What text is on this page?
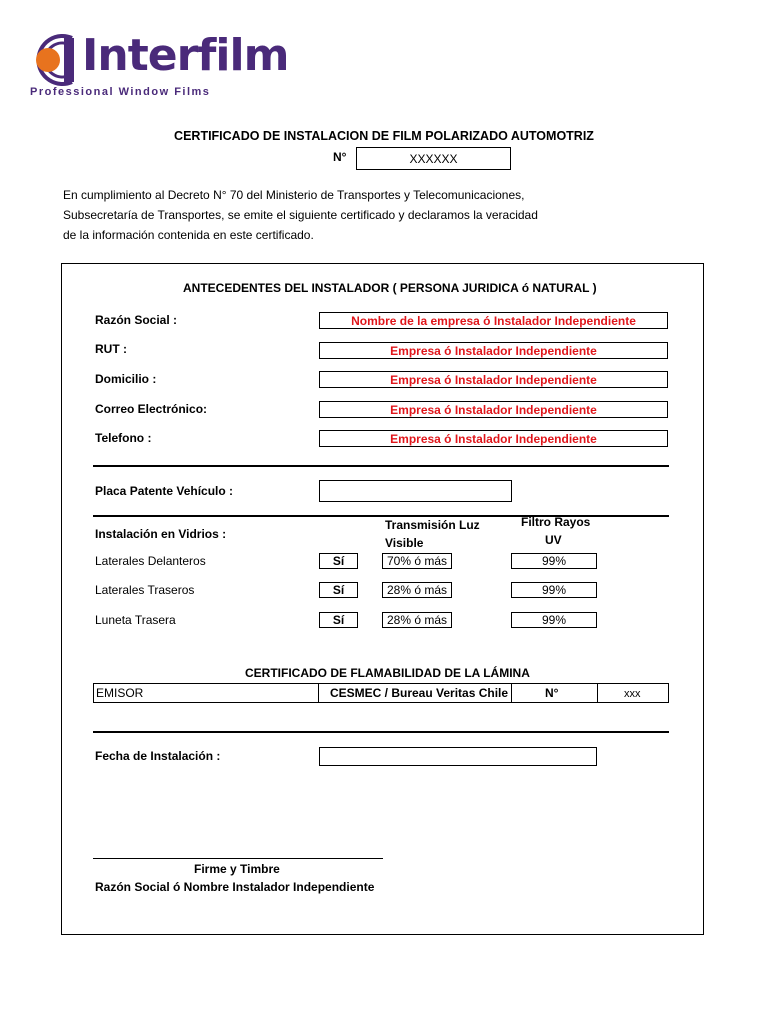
Interfilm
Professional Window Films
CERTIFICADO DE INSTALACION DE FILM POLARIZADO AUTOMOTRIZ
N°	XXXXXX
En cumplimiento al Decreto N° 70 del Ministerio de Transportes y Telecomunicaciones,
Subsecretaría de Transportes, se emite el siguiente certificado y declaramos la veracidad
de la información contenida en este certificado.
ANTECEDENTES DEL INSTALADOR ( PERSONA JURIDICA ó NATURAL )
Razón Social :	Nombre de la empresa ó Instalador Independiente
RUT :	Empresa ó Instalador Independiente
Domicilio :	Empresa ó Instalador Independiente
Correo Electrónico:	Empresa ó Instalador Independiente
Telefono :	Empresa ó Instalador Independiente
Placa Patente Vehículo :
Instalación en Vidrios :
Transmisión Luz
Visible
Filtro Rayos
UV
Laterales Delanteros	Sí	70% ó más	99%
Laterales Traseros	Sí	28% ó más	99%
Luneta Trasera	Sí	28% ó más	99%
CERTIFICADO DE FLAMABILIDAD DE LA LÁMINA
EMISOR	CESMEC / Bureau Veritas Chile	N°	xxx
Fecha de Instalación :
Firme y Timbre
Razón Social ó Nombre Instalador Independiente
